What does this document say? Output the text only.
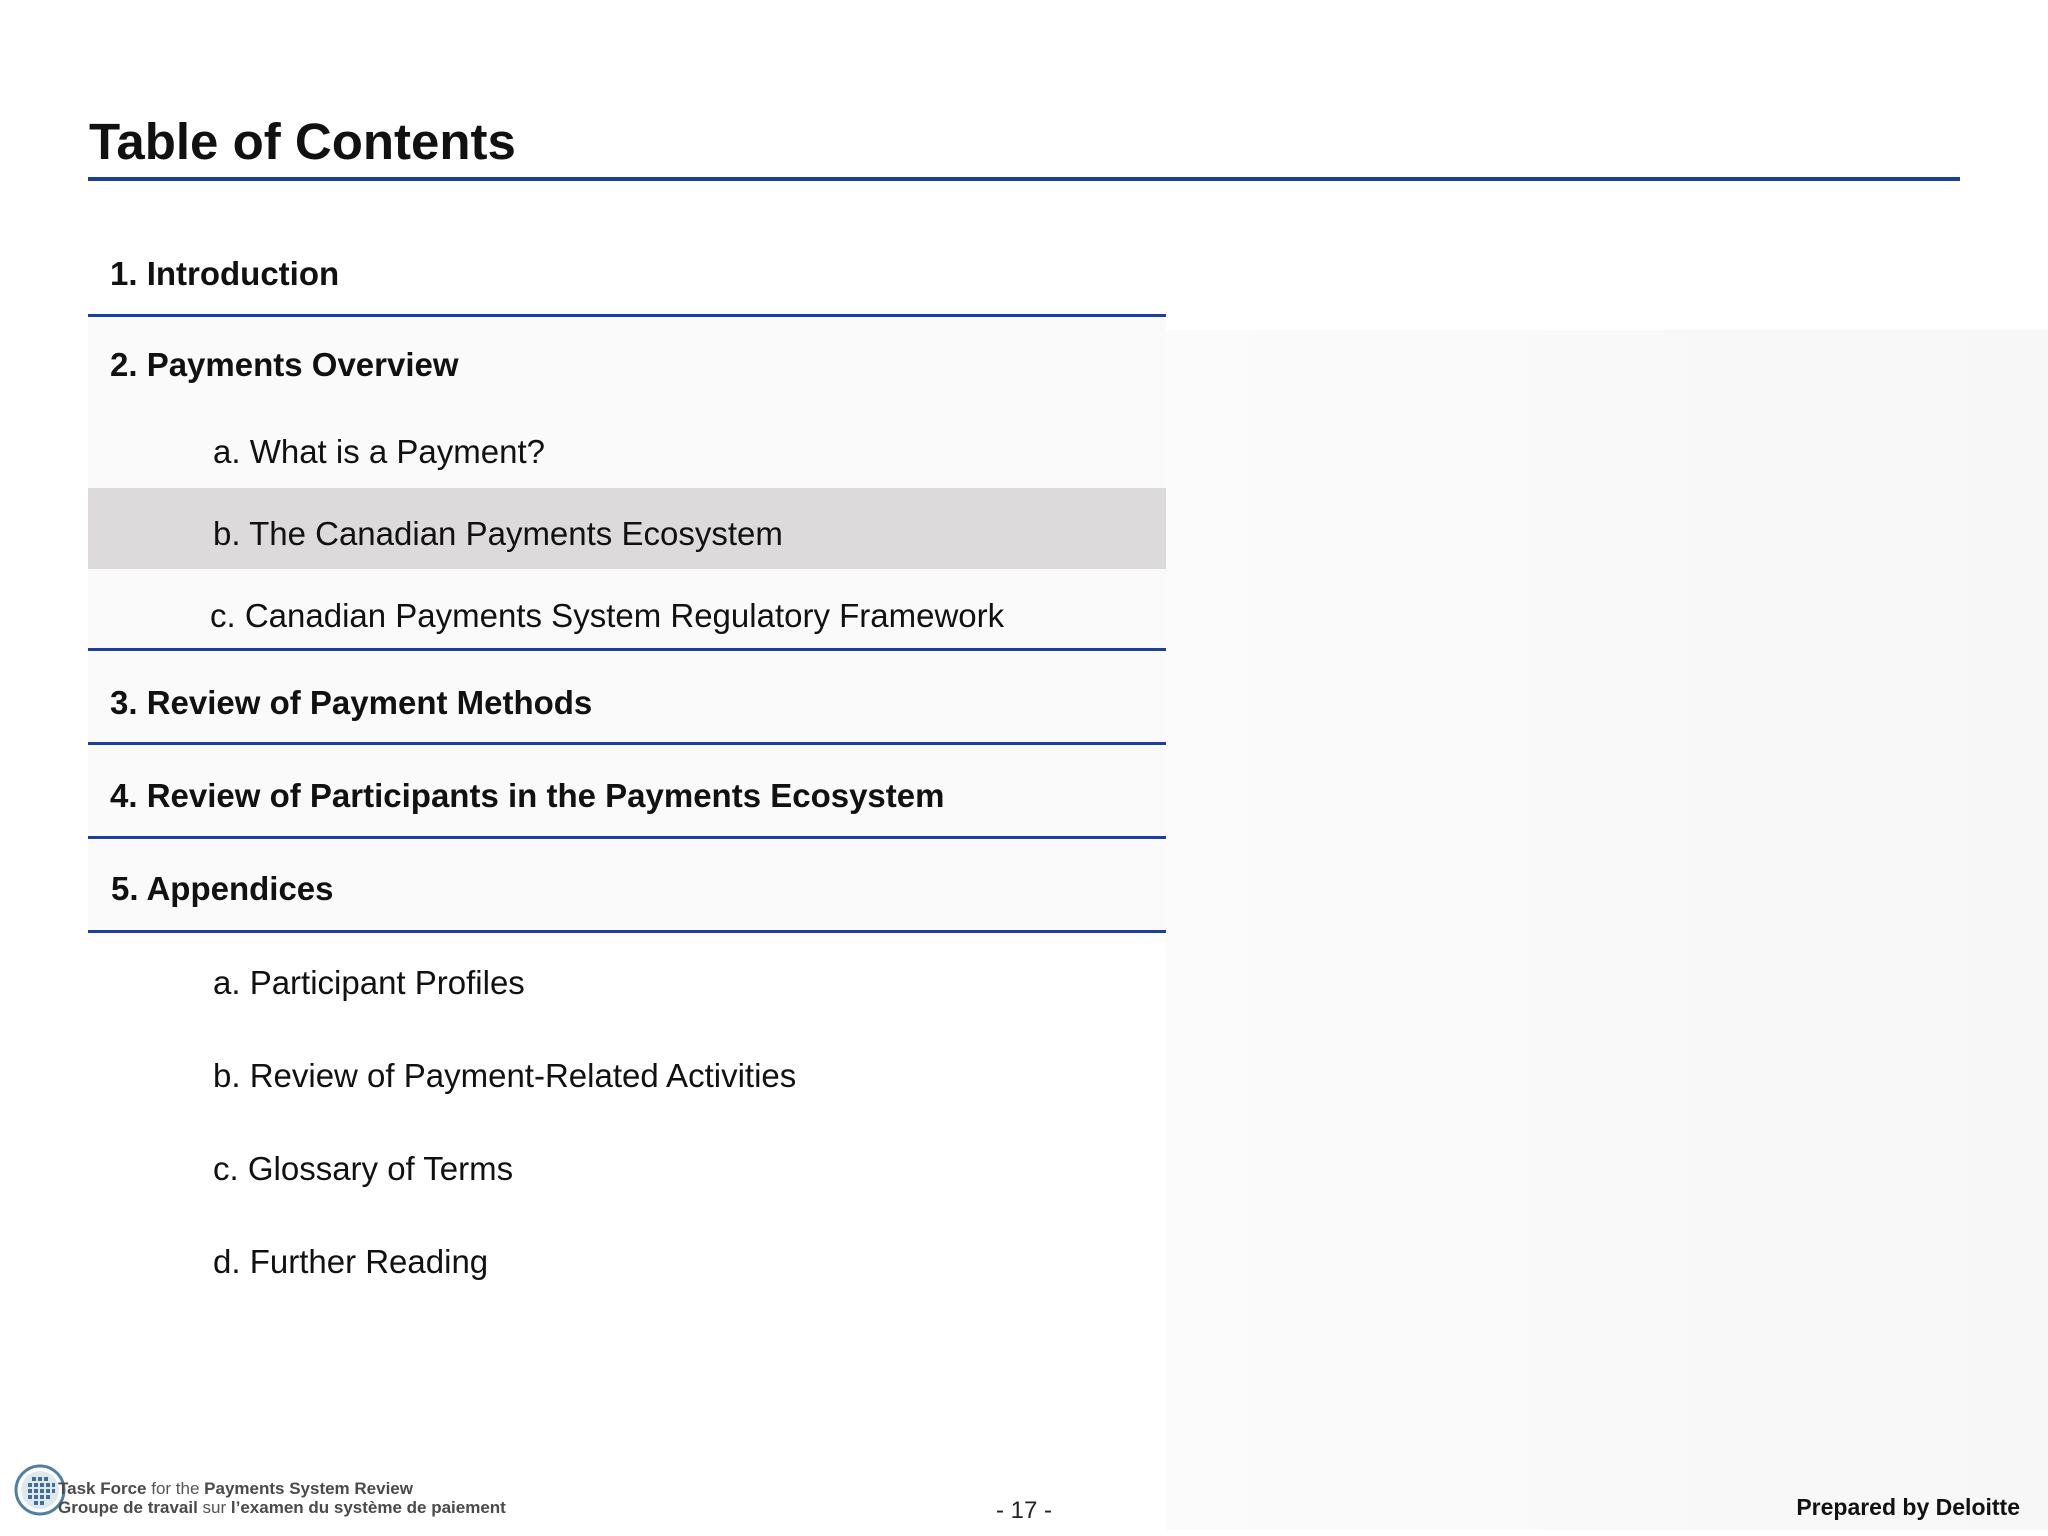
Table of Contents
1. Introduction
2. Payments Overview
a. What is a Payment?
b. The Canadian Payments Ecosystem
c. Canadian Payments System Regulatory Framework
3. Review of Payment Methods
4. Review of Participants in the Payments Ecosystem
5. Appendices
a. Participant Profiles
b. Review of Payment-Related Activities
c. Glossary of Terms
d. Further Reading
Task Force for the Payments System Review
Groupe de travail sur l’examen du système de paiement	- 17 -	Prepared by Deloitte
